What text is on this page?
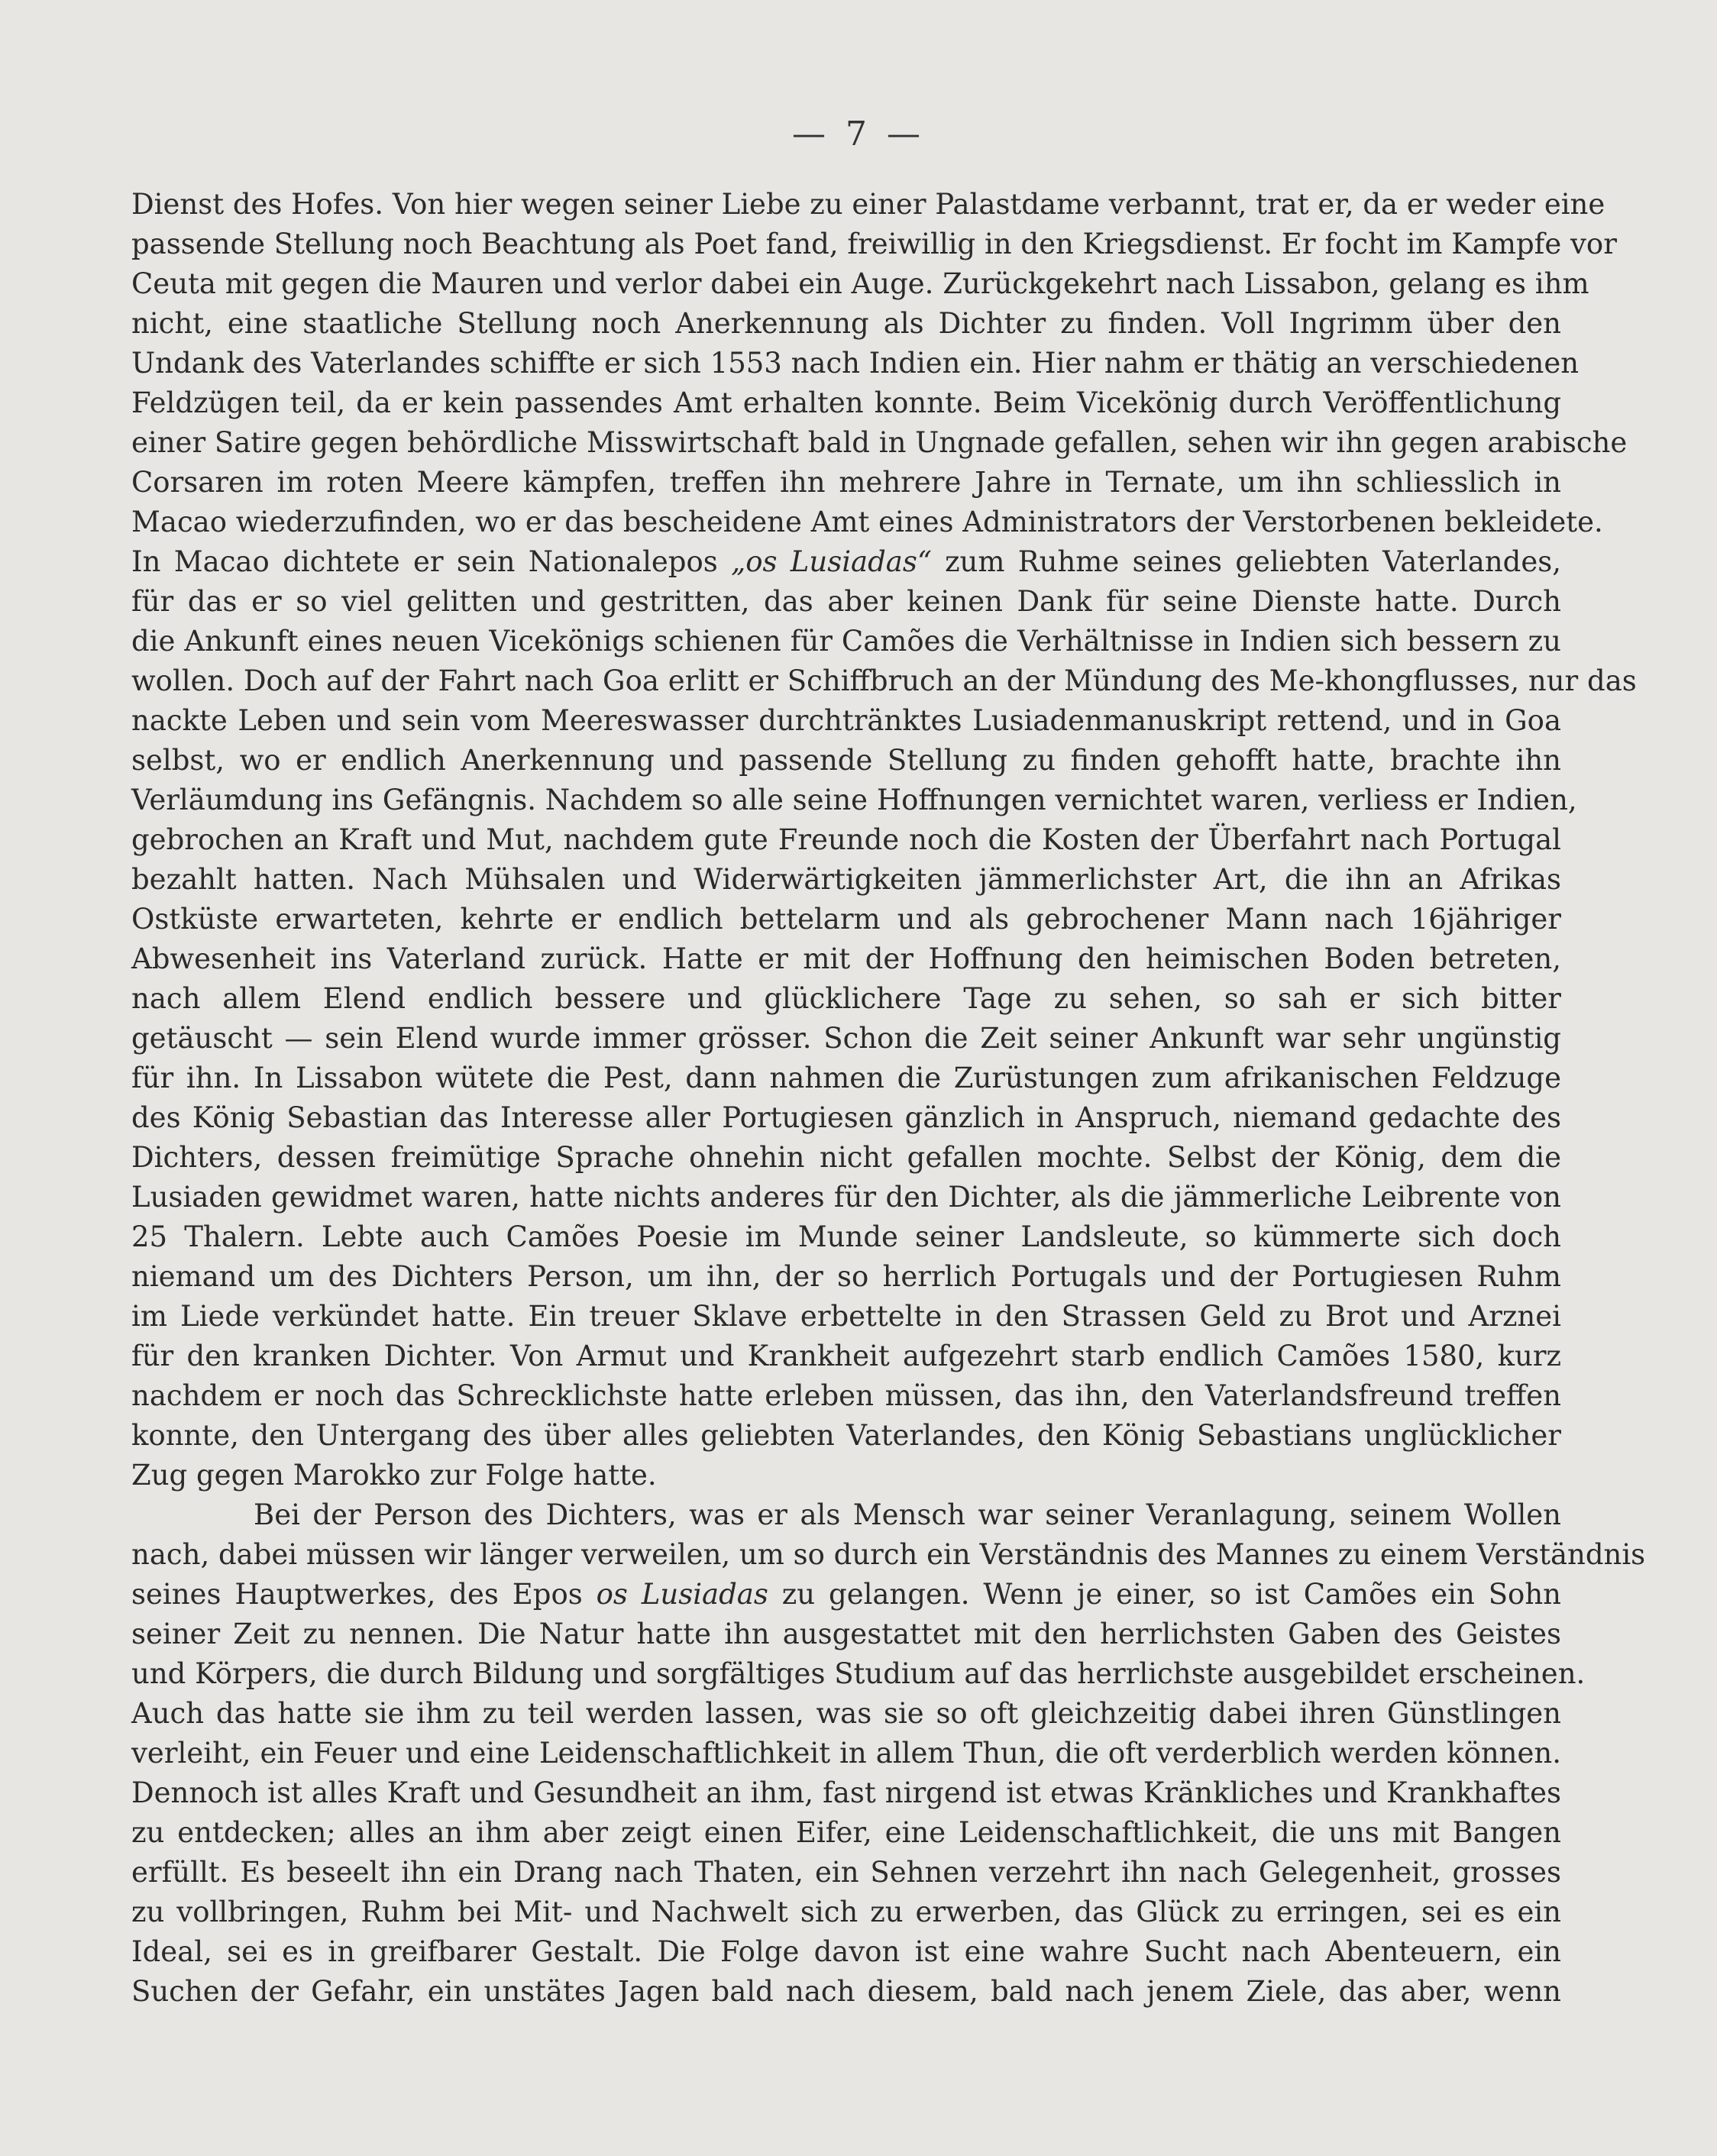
— 7 —
Dienst des Hofes. Von hier wegen seiner Liebe zu einer Palastdame verbannt, trat er, da er weder eine
passende Stellung noch Beachtung als Poet fand, freiwillig in den Kriegsdienst. Er focht im Kampfe vor
Ceuta mit gegen die Mauren und verlor dabei ein Auge. Zurückgekehrt nach Lissabon, gelang es ihm
nicht, eine staatliche Stellung noch Anerkennung als Dichter zu finden. Voll Ingrimm über den
Undank des Vaterlandes schiffte er sich 1553 nach Indien ein. Hier nahm er thätig an verschiedenen
Feldzügen teil, da er kein passendes Amt erhalten konnte. Beim Vicekönig durch Veröffentlichung
einer Satire gegen behördliche Misswirtschaft bald in Ungnade gefallen, sehen wir ihn gegen arabische
Corsaren im roten Meere kämpfen, treffen ihn mehrere Jahre in Ternate, um ihn schliesslich in
Macao wiederzufinden, wo er das bescheidene Amt eines Administrators der Verstorbenen bekleidete.
In Macao dichtete er sein Nationalepos „os Lusiadas“ zum Ruhme seines geliebten Vaterlandes,
für das er so viel gelitten und gestritten, das aber keinen Dank für seine Dienste hatte. Durch
die Ankunft eines neuen Vicekönigs schienen für Camões die Verhältnisse in Indien sich bessern zu
wollen. Doch auf der Fahrt nach Goa erlitt er Schiffbruch an der Mündung des Me-khongflusses, nur das
nackte Leben und sein vom Meereswasser durchtränktes Lusiadenmanuskript rettend, und in Goa
selbst, wo er endlich Anerkennung und passende Stellung zu finden gehofft hatte, brachte ihn
Verläumdung ins Gefängnis. Nachdem so alle seine Hoffnungen vernichtet waren, verliess er Indien,
gebrochen an Kraft und Mut, nachdem gute Freunde noch die Kosten der Überfahrt nach Portugal
bezahlt hatten. Nach Mühsalen und Widerwärtigkeiten jämmerlichster Art, die ihn an Afrikas
Ostküste erwarteten, kehrte er endlich bettelarm und als gebrochener Mann nach 16jähriger
Abwesenheit ins Vaterland zurück. Hatte er mit der Hoffnung den heimischen Boden betreten,
nach allem Elend endlich bessere und glücklichere Tage zu sehen, so sah er sich bitter
getäuscht — sein Elend wurde immer grösser. Schon die Zeit seiner Ankunft war sehr ungünstig
für ihn. In Lissabon wütete die Pest, dann nahmen die Zurüstungen zum afrikanischen Feldzuge
des König Sebastian das Interesse aller Portugiesen gänzlich in Anspruch, niemand gedachte des
Dichters, dessen freimütige Sprache ohnehin nicht gefallen mochte. Selbst der König, dem die
Lusiaden gewidmet waren, hatte nichts anderes für den Dichter, als die jämmerliche Leibrente von
25 Thalern. Lebte auch Camões Poesie im Munde seiner Landsleute, so kümmerte sich doch
niemand um des Dichters Person, um ihn, der so herrlich Portugals und der Portugiesen Ruhm
im Liede verkündet hatte. Ein treuer Sklave erbettelte in den Strassen Geld zu Brot und Arznei
für den kranken Dichter. Von Armut und Krankheit aufgezehrt starb endlich Camões 1580, kurz
nachdem er noch das Schrecklichste hatte erleben müssen, das ihn, den Vaterlandsfreund treffen
konnte, den Untergang des über alles geliebten Vaterlandes, den König Sebastians unglücklicher
Zug gegen Marokko zur Folge hatte.
Bei der Person des Dichters, was er als Mensch war seiner Veranlagung, seinem Wollen
nach, dabei müssen wir länger verweilen, um so durch ein Verständnis des Mannes zu einem Verständnis
seines Hauptwerkes, des Epos os Lusiadas zu gelangen. Wenn je einer, so ist Camões ein Sohn
seiner Zeit zu nennen. Die Natur hatte ihn ausgestattet mit den herrlichsten Gaben des Geistes
und Körpers, die durch Bildung und sorgfältiges Studium auf das herrlichste ausgebildet erscheinen.
Auch das hatte sie ihm zu teil werden lassen, was sie so oft gleichzeitig dabei ihren Günstlingen
verleiht, ein Feuer und eine Leidenschaftlichkeit in allem Thun, die oft verderblich werden können.
Dennoch ist alles Kraft und Gesundheit an ihm, fast nirgend ist etwas Kränkliches und Krankhaftes
zu entdecken; alles an ihm aber zeigt einen Eifer, eine Leidenschaftlichkeit, die uns mit Bangen
erfüllt. Es beseelt ihn ein Drang nach Thaten, ein Sehnen verzehrt ihn nach Gelegenheit, grosses
zu vollbringen, Ruhm bei Mit- und Nachwelt sich zu erwerben, das Glück zu erringen, sei es ein
Ideal, sei es in greifbarer Gestalt. Die Folge davon ist eine wahre Sucht nach Abenteuern, ein
Suchen der Gefahr, ein unstätes Jagen bald nach diesem, bald nach jenem Ziele, das aber, wenn
